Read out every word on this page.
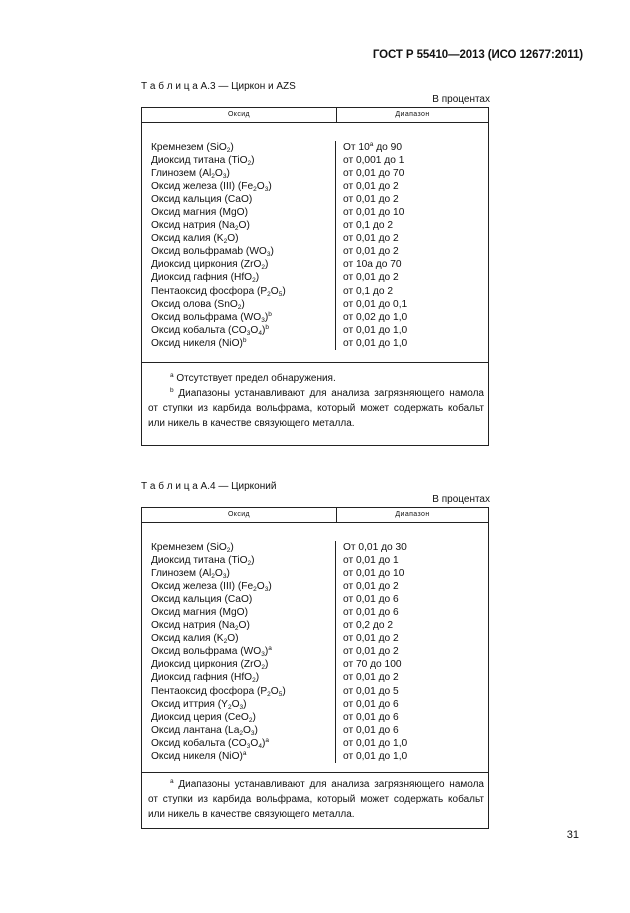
ГОСТ Р 55410—2013 (ИСО 12677:2011)
Т а б л и ц а А.3 — Циркон и AZS
В процентах
Оксид	Диапазон
Кремнезем (SiO$_2$)
Диоксид титана (TiO$_2$)
Глинозем $(Al_2O_3)$
Оксид железа (III) $(Fe_2O_3)$
Оксид кальция (CaO)
Оксид магния (MgO)
Оксид натрия $(Na_2O)$
Оксид калия $(K_2O)$
Оксид вольфрамаb $(WO_3)$
Диоксид циркония (ZrO$_2$)
Диоксид гафния (HfO$_2$)
Пентаоксид фосфора $(P_2O_5)$
Оксид олова (SnO$_2$)
Оксид вольфрама $(WO_3)^b$
Оксид кобальта $(CO_3O_4)^b$
Оксид никеля (NiO)$^b$
От 10$^a$ до 90
от 0,001 до 1
от 0,01 до 70
от 0,01 до 2
от 0,01 до 2
от 0,01 до 10
от 0,1 до 2
от 0,01 до 2
от 0,01 до 2
от 10a до 70
от 0,01 до 2
от 0,1 до 2
от 0,01 до 0,1
от 0,02 до 1,0
от 0,01 до 1,0
от 0,01 до 1,0
$^a$ Отсутствует предел обнаружения.
$^b$ Диапазоны устанавливают для анализа загрязняющего намола от ступки из карбида вольфрама, который может содержать кобальт или никель в качестве связующего металла.
Т а б л и ц а А.4 — Цирконий
В процентах
Оксид	Диапазон
Кремнезем (SiO$_2$)
Диоксид титана (TiO$_2$)
Глинозем $(Al_2O_3)$
Оксид железа (III) $(Fe_2O_3)$
Оксид кальция (CaO)
Оксид магния (MgO)
Оксид натрия $(Na_2O)$
Оксид калия $(K_2O)$
Оксид вольфрама $(WO_3)^a$
Диоксид циркония (ZrO$_2$)
Диоксид гафния (HfO$_2$)
Пентаоксид фосфора $(P_2O_5)$
Оксид иттрия $(Y_2O_3)$
Диоксид церия (CeO$_2$)
Оксид лантана $(La_2O_3)$
Оксид кобальта $(CO_3O_4)^a$
Оксид никеля (NiO)$^a$
От 0,01 до 30
от 0,01 до 1
от 0,01 до 10
от 0,01 до 2
от 0,01 до 6
от 0,01 до 6
от 0,2 до 2
от 0,01 до 2
от 0,01 до 2
от 70 до 100
от 0,01 до 2
от 0,01 до 5
от 0,01 до 6
от 0,01 до 6
от 0,01 до 6
от 0,01 до 1,0
от 0,01 до 1,0
$^a$ Диапазоны устанавливают для анализа загрязняющего намола от ступки из карбида вольфрама, который может содержать кобальт или никель в качестве связующего металла.
31
